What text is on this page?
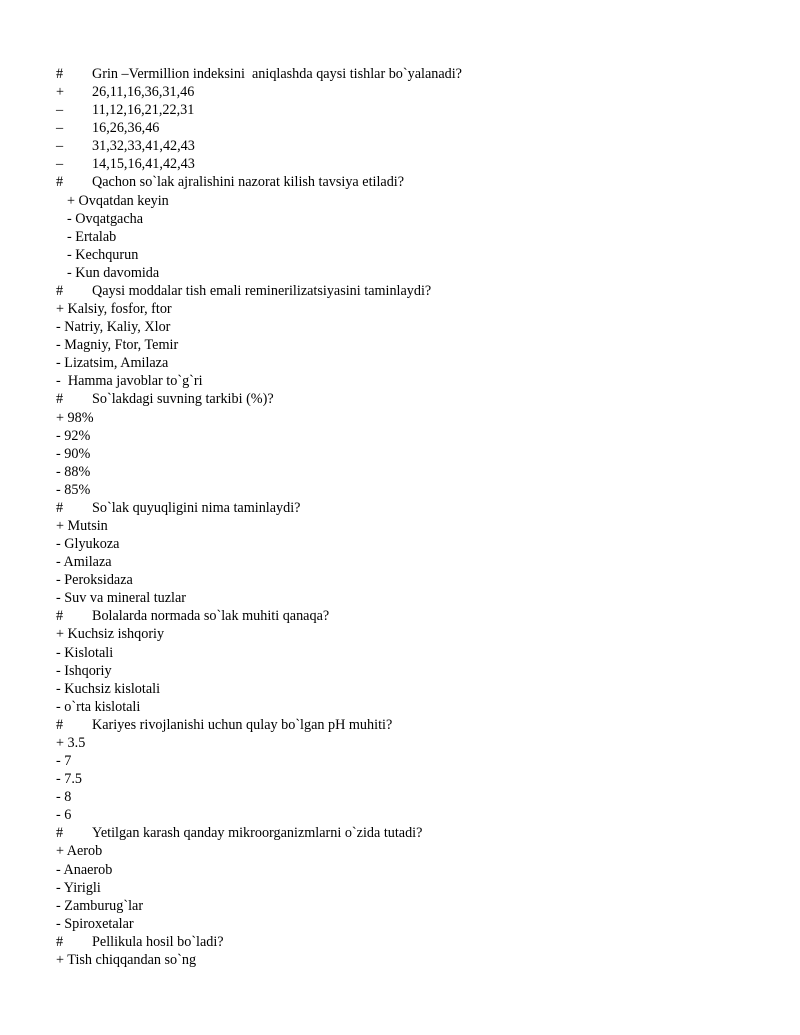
# Grin –Vermillion indeksini  aniqlashda qaysi tishlar bo`yalanadi?
+ 26,11,16,36,31,46
– 11,12,16,21,22,31
– 16,26,36,46
– 31,32,33,41,42,43
– 14,15,16,41,42,43
# Qachon so`lak ajralishini nazorat kilish tavsiya etiladi?
+ Ovqatdan keyin
- Ovqatgacha
- Ertalab
- Kechqurun
- Kun davomida
# Qaysi moddalar tish emali reminerilizatsiyasini taminlaydi?
+ Kalsiy, fosfor, ftor
- Natriy, Kaliy, Xlor
- Magniy, Ftor, Temir
- Lizatsim, Amilaza
-  Hamma javoblar to`g`ri
# So`lakdagi suvning tarkibi (%)?
+ 98%
- 92%
- 90%
- 88%
- 85%
# So`lak quyuqligini nima taminlaydi?
+ Mutsin
- Glyukoza
- Amilaza
- Peroksidaza
- Suv va mineral tuzlar
# Bolalarda normada so`lak muhiti qanaqa?
+ Kuchsiz ishqoriy
- Kislotali
- Ishqoriy
- Kuchsiz kislotali
- o`rta kislotali
# Kariyes rivojlanishi uchun qulay bo`lgan pH muhiti?
+ 3.5
- 7
- 7.5
- 8
- 6
# Yetilgan karash qanday mikroorganizmlarni o`zida tutadi?
+ Aerob
- Anaerob
- Yirigli
- Zamburug`lar
- Spiroxetalar
# Pellikula hosil bo`ladi?
+ Tish chiqqandan so`ng
